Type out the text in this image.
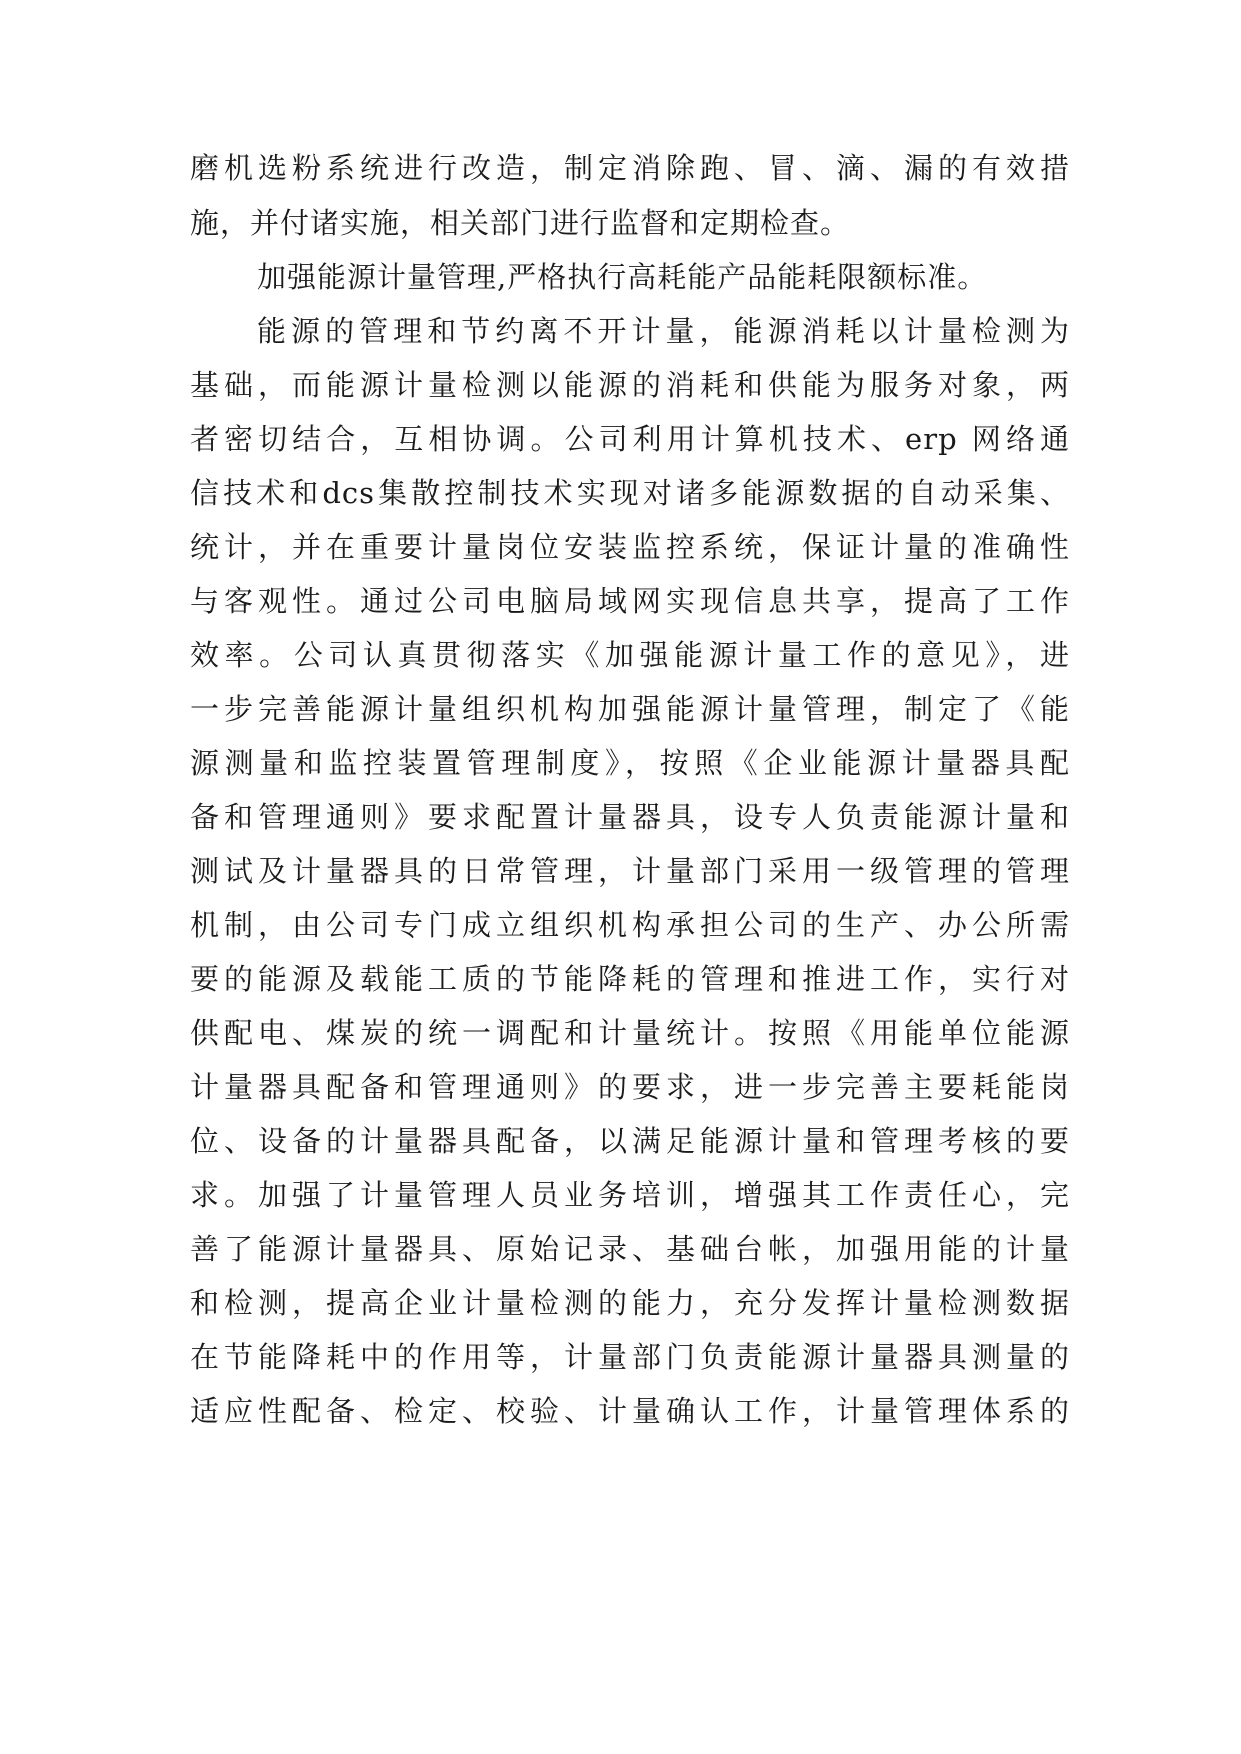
磨机选粉系统进行改造，制定消除跑、冒、滴、漏的有效措
施，并付诸实施，相关部门进行监督和定期检查。
加强能源计量管理,严格执行高耗能产品能耗限额标准。
能源的管理和节约离不开计量，能源消耗以计量检测为
基础，而能源计量检测以能源的消耗和供能为服务对象，两
者密切结合，互相协调。公司利用计算机技术、erp 网络通
信技术和dcs集散控制技术实现对诸多能源数据的自动采集、
统计，并在重要计量岗位安装监控系统，保证计量的准确性
与客观性。通过公司电脑局域网实现信息共享，提高了工作
效率。公司认真贯彻落实《加强能源计量工作的意见》，进
一步完善能源计量组织机构加强能源计量管理，制定了《能
源测量和监控装置管理制度》，按照《企业能源计量器具配
备和管理通则》要求配置计量器具，设专人负责能源计量和
测试及计量器具的日常管理，计量部门采用一级管理的管理
机制，由公司专门成立组织机构承担公司的生产、办公所需
要的能源及载能工质的节能降耗的管理和推进工作，实行对
供配电、煤炭的统一调配和计量统计。按照《用能单位能源
计量器具配备和管理通则》的要求，进一步完善主要耗能岗
位、设备的计量器具配备，以满足能源计量和管理考核的要
求。加强了计量管理人员业务培训，增强其工作责任心，完
善了能源计量器具、原始记录、基础台帐，加强用能的计量
和检测，提高企业计量检测的能力，充分发挥计量检测数据
在节能降耗中的作用等，计量部门负责能源计量器具测量的
适应性配备、检定、校验、计量确认工作，计量管理体系的
